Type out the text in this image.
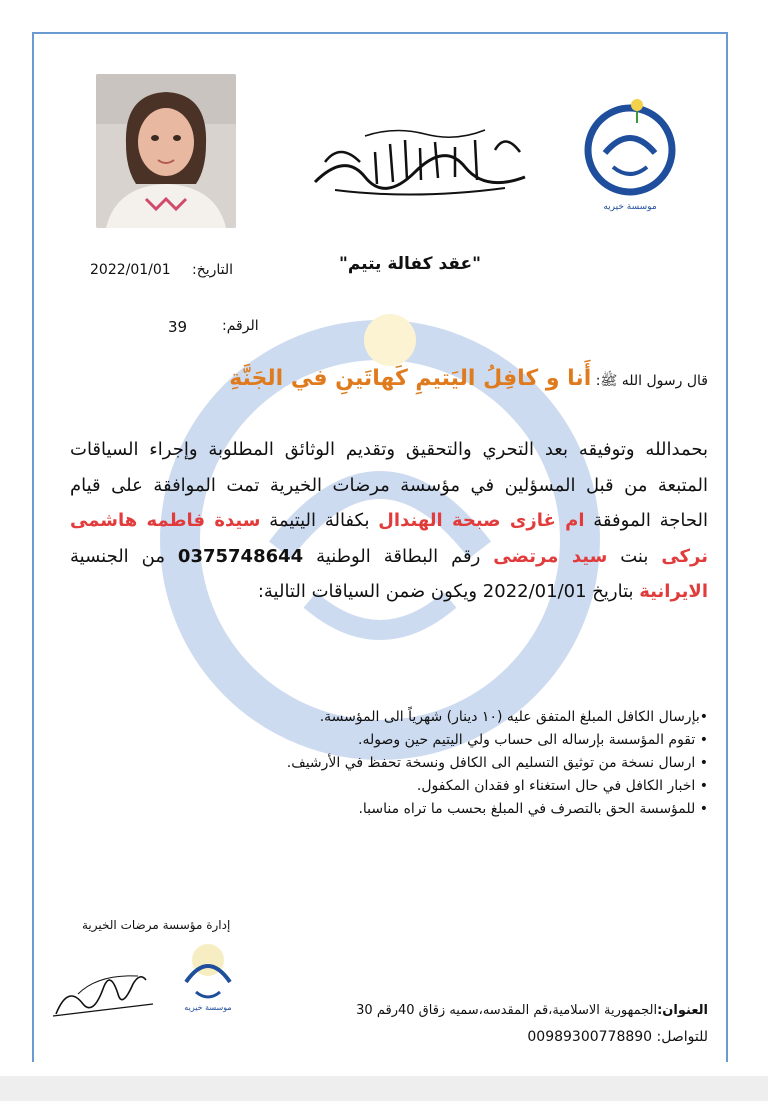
موسسة خيريه
"عقد كفالة يتيم"
التاريخ:
2022/01/01
الرقم:
39
قال رسول الله ﷺ: أَنا و كافِلُ اليَتيمِ كَهاتَينِ في الجَنَّةِ
بحمدالله وتوفيقه بعد التحري والتحقيق وتقديم الوثائق المطلوبة وإجراء السياقات المتبعة من قبل المسؤلين في مؤسسة مرضات الخيرية تمت الموافقة على قيام الحاجة الموفقة ام غازى صبحة الهندال بكفالة اليتيمة سيدة فاطمه هاشمى نركى بنت سيد مرتضى رقم البطاقة الوطنية 0375748644 من الجنسية الايرانية بتاريخ 2022/01/01 ويكون ضمن السياقات التالية:
•بإرسال الكافل المبلغ المتفق عليه (١٠ دينار) شهرياً الى المؤسسة.
• تقوم المؤسسة بإرساله الى حساب ولي اليتيم حين وصوله.
• ارسال نسخة من توثيق التسليم الى الكافل ونسخة تحفظ في الأرشيف.
• اخبار الكافل في حال استغناء او فقدان المكفول.
• للمؤسسة الحق بالتصرف في المبلغ بحسب ما تراه مناسبا.
إدارة مؤسسة مرضات الخيرية
موسسة خيريه	العنوان:الجمهورية الاسلامية،قم المقدسه،سميه زقاق 40رقم 30
للتواصل: 00989300778890
